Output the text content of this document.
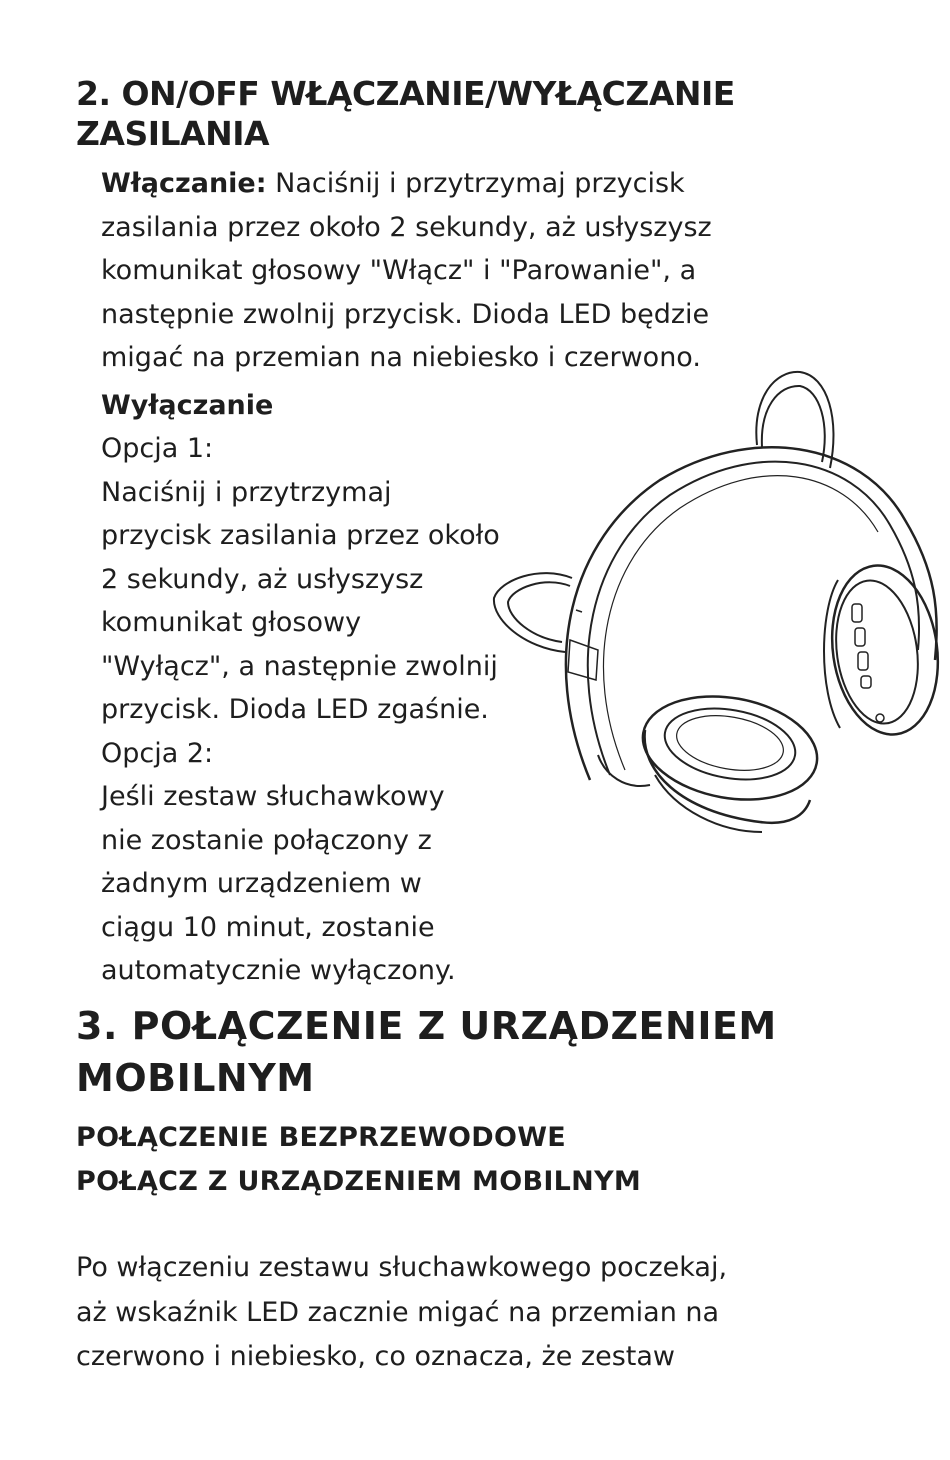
2. ON/OFF WŁĄCZANIE/WYŁĄCZANIE
ZASILANIA
Włączanie: Naciśnij i przytrzymaj przycisk
zasilania przez około 2 sekundy, aż usłyszysz
komunikat głosowy "Włącz" i "Parowanie", a
następnie zwolnij przycisk. Dioda LED będzie
migać na przemian na niebiesko i czerwono.
Wyłączanie
Opcja 1:
Naciśnij i przytrzymaj
przycisk zasilania przez około
2 sekundy, aż usłyszysz
komunikat głosowy
"Wyłącz", a następnie zwolnij
przycisk. Dioda LED zgaśnie.
Opcja 2:
Jeśli zestaw słuchawkowy
nie zostanie połączony z
żadnym urządzeniem w
ciągu 10 minut, zostanie
automatycznie wyłączony.
3. POŁĄCZENIE Z URZĄDZENIEM
MOBILNYM
POŁĄCZENIE BEZPRZEWODOWE
POŁĄCZ Z URZĄDZENIEM MOBILNYM
Po włączeniu zestawu słuchawkowego poczekaj,
aż wskaźnik LED zacznie migać na przemian na
czerwono i niebiesko, co oznacza, że zestaw
